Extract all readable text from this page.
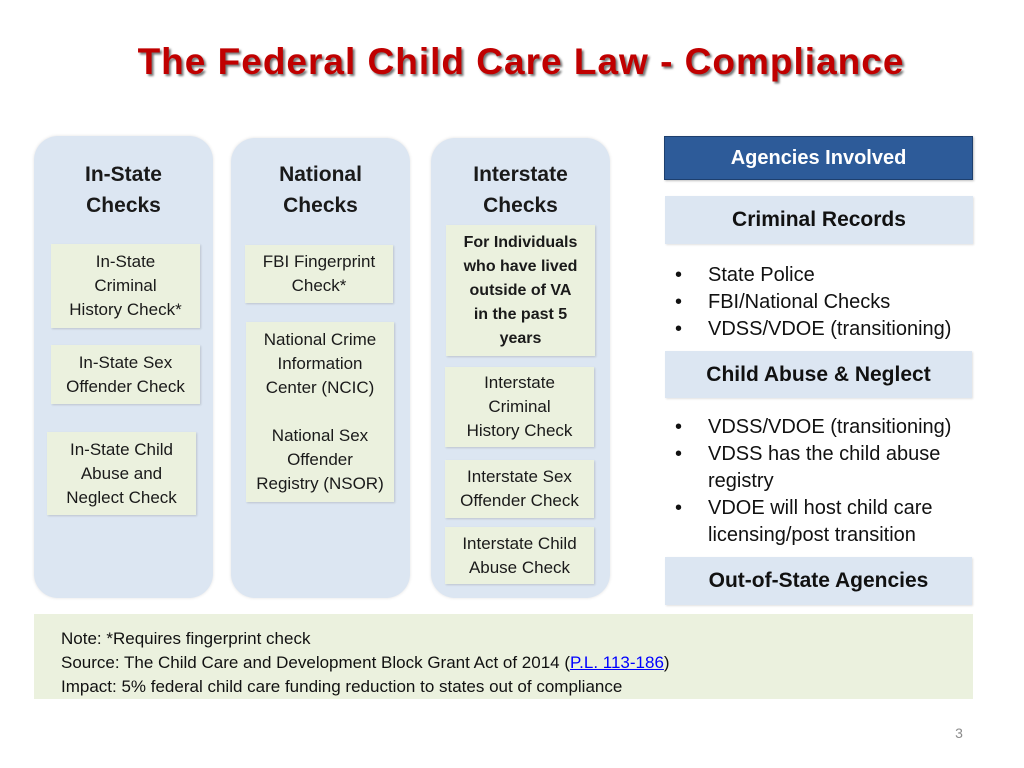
The Federal Child Care Law - Compliance
In-State
Checks
National
Checks
Interstate
Checks
In-State
Criminal
History Check*
In-State Sex
Offender Check
In-State Child
Abuse and
Neglect Check
FBI Fingerprint
Check*
National Crime
Information
Center (NCIC)
National Sex
Offender
Registry (NSOR)
For Individuals
who have lived
outside of VA
in the past 5
years
Interstate
Criminal
History Check
Interstate Sex
Offender Check
Interstate Child
Abuse Check
Agencies Involved
Criminal Records
• State Police
• FBI/National Checks
• VDSS/VDOE (transitioning)
Child Abuse & Neglect
• VDSS/VDOE (transitioning)
• VDSS has the child abuse
registry
• VDOE will host child care
licensing/post transition
Out-of-State Agencies
Note: *Requires fingerprint check
Source: The Child Care and Development Block Grant Act of 2014 (P.L. 113-186)
Impact: 5% federal child care funding reduction to states out of compliance
3
